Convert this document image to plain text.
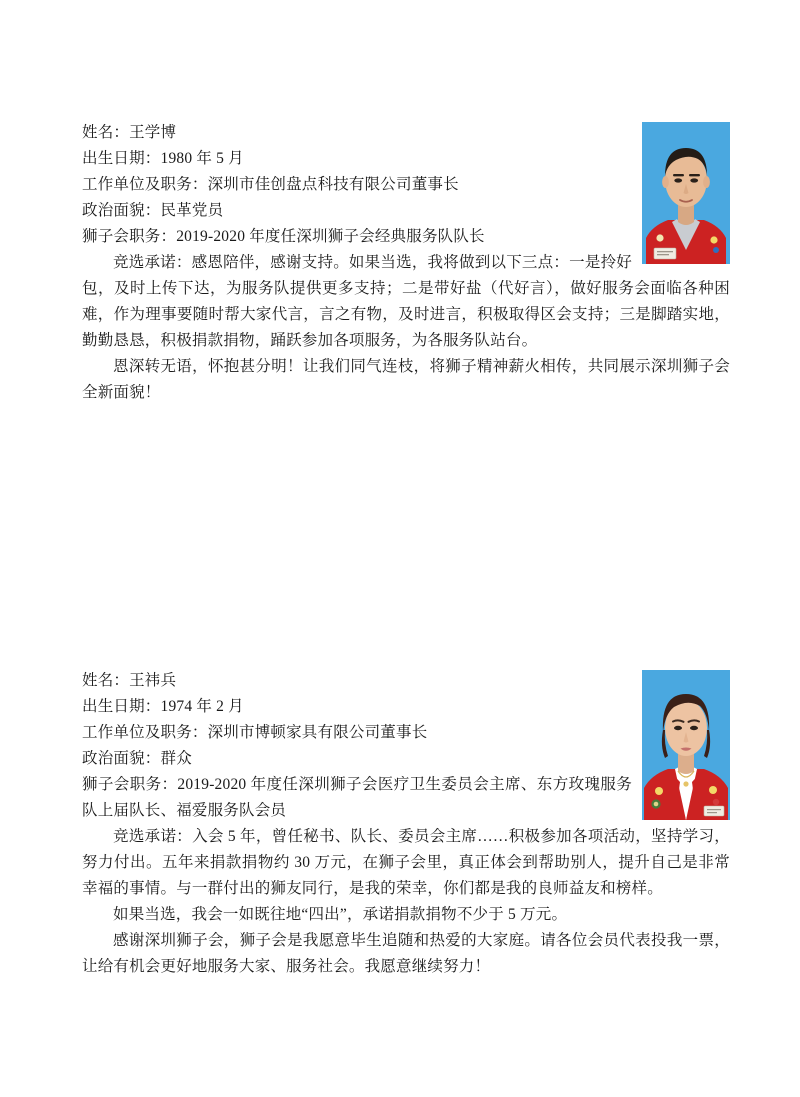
姓名：王学博

出生日期：1980 年 5 月

工作单位及职务：深圳市佳创盘点科技有限公司董事长

政治面貌：民革党员

狮子会职务：2019-2020 年度任深圳狮子会经典服务队队长

竞选承诺：感恩陪伴，感谢支持。如果当选，我将做到以下三点：一是拎好包，及时上传下达，为服务队提供更多支持；二是带好盐（代好言），做好服务会面临各种困难，作为理事要随时帮大家代言，言之有物，及时进言，积极取得区会支持；三是脚踏实地，勤勤恳恳，积极捐款捐物，踊跃参加各项服务，为各服务队站台。

恩深转无语，怀抱甚分明！让我们同气连枝，将狮子精神薪火相传，共同展示深圳狮子会全新面貌！

姓名：王祎兵

出生日期：1974 年 2 月

工作单位及职务：深圳市博顿家具有限公司董事长

政治面貌：群众

狮子会职务：2019-2020 年度任深圳狮子会医疗卫生委员会主席、东方玫瑰服务队上届队长、福爱服务队会员

竞选承诺：入会 5 年，曾任秘书、队长、委员会主席……积极参加各项活动，坚持学习，努力付出。五年来捐款捐物约 30 万元，在狮子会里，真正体会到帮助别人，提升自己是非常幸福的事情。与一群付出的狮友同行，是我的荣幸，你们都是我的良师益友和榜样。

如果当选，我会一如既往地“四出”，承诺捐款捐物不少于 5 万元。

感谢深圳狮子会，狮子会是我愿意毕生追随和热爱的大家庭。请各位会员代表投我一票，让给有机会更好地服务大家、服务社会。我愿意继续努力！
